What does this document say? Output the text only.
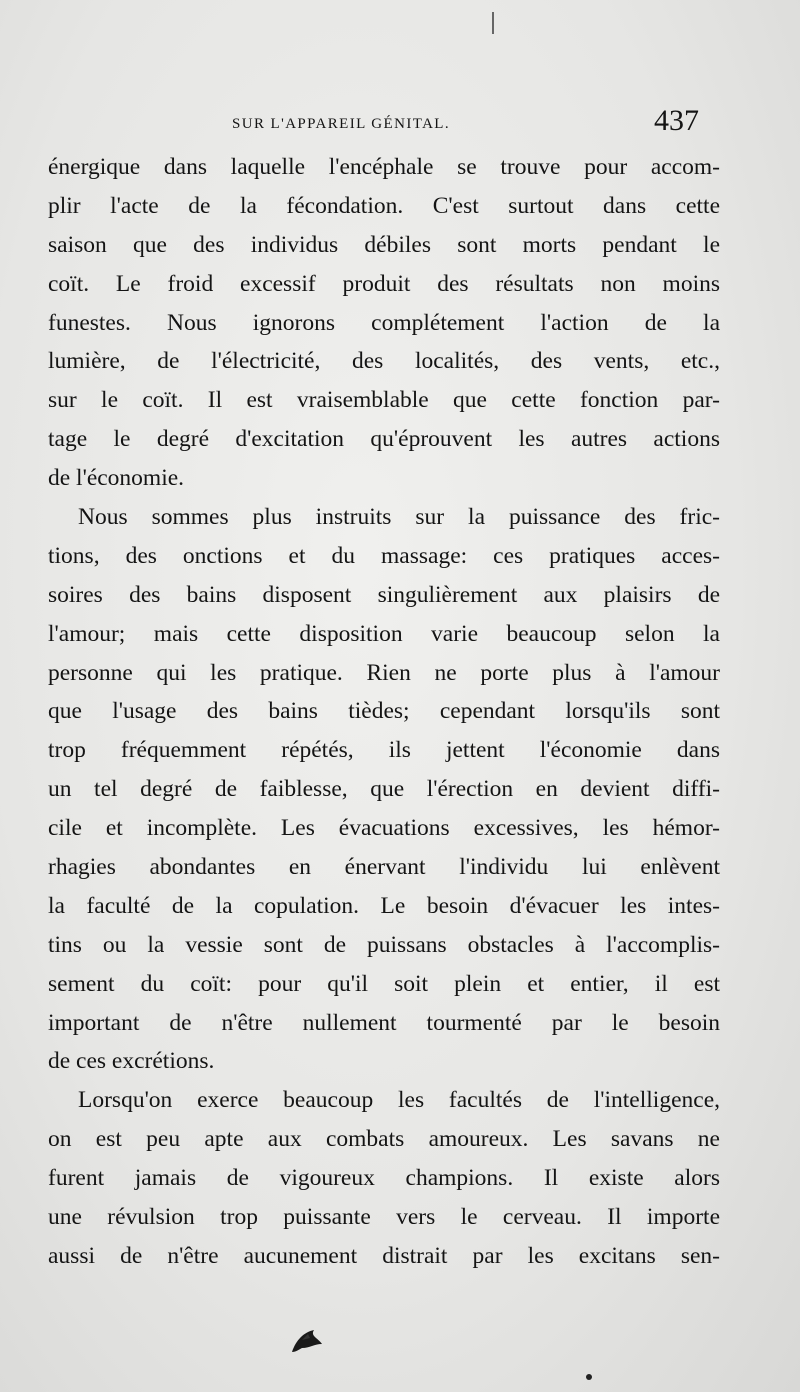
SUR L'APPAREIL GÉNITAL.	437
énergique dans laquelle l'encéphale se trouve pour accom-
plir l'acte de la fécondation. C'est surtout dans cette
saison que des individus débiles sont morts pendant le
coït. Le froid excessif produit des résultats non moins
funestes. Nous ignorons complétement l'action de la
lumière, de l'électricité, des localités, des vents, etc.,
sur le coït. Il est vraisemblable que cette fonction par-
tage le degré d'excitation qu'éprouvent les autres actions
de l'économie.
Nous sommes plus instruits sur la puissance des fric-
tions, des onctions et du massage: ces pratiques acces-
soires des bains disposent singulièrement aux plaisirs de
l'amour; mais cette disposition varie beaucoup selon la
personne qui les pratique. Rien ne porte plus à l'amour
que l'usage des bains tièdes; cependant lorsqu'ils sont
trop fréquemment répétés, ils jettent l'économie dans
un tel degré de faiblesse, que l'érection en devient diffi-
cile et incomplète. Les évacuations excessives, les hémor-
rhagies abondantes en énervant l'individu lui enlèvent
la faculté de la copulation. Le besoin d'évacuer les intes-
tins ou la vessie sont de puissans obstacles à l'accomplis-
sement du coït: pour qu'il soit plein et entier, il est
important de n'être nullement tourmenté par le besoin
de ces excrétions.
Lorsqu'on exerce beaucoup les facultés de l'intelligence,
on est peu apte aux combats amoureux. Les savans ne
furent jamais de vigoureux champions. Il existe alors
une révulsion trop puissante vers le cerveau. Il importe
aussi de n'être aucunement distrait par les excitans sen-
